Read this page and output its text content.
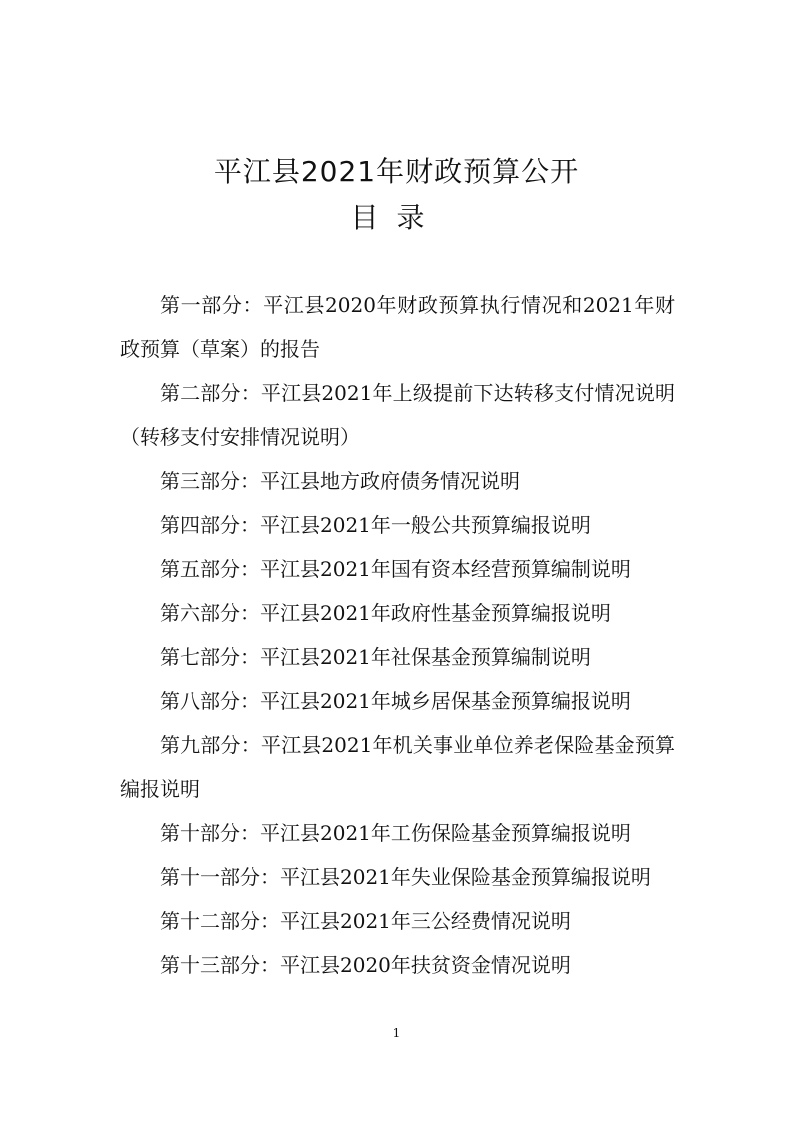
平江县2021年财政预算公开
目录
第一部分：平江县2020年财政预算执行情况和2021年财政预算（草案）的报告
第二部分：平江县2021年上级提前下达转移支付情况说明（转移支付安排情况说明）
第三部分：平江县地方政府债务情况说明
第四部分：平江县2021年一般公共预算编报说明
第五部分：平江县2021年国有资本经营预算编制说明
第六部分：平江县2021年政府性基金预算编报说明
第七部分：平江县2021年社保基金预算编制说明
第八部分：平江县2021年城乡居保基金预算编报说明
第九部分：平江县2021年机关事业单位养老保险基金预算编报说明
第十部分：平江县2021年工伤保险基金预算编报说明
第十一部分：平江县2021年失业保险基金预算编报说明
第十二部分：平江县2021年三公经费情况说明
第十三部分：平江县2020年扶贫资金情况说明
1
